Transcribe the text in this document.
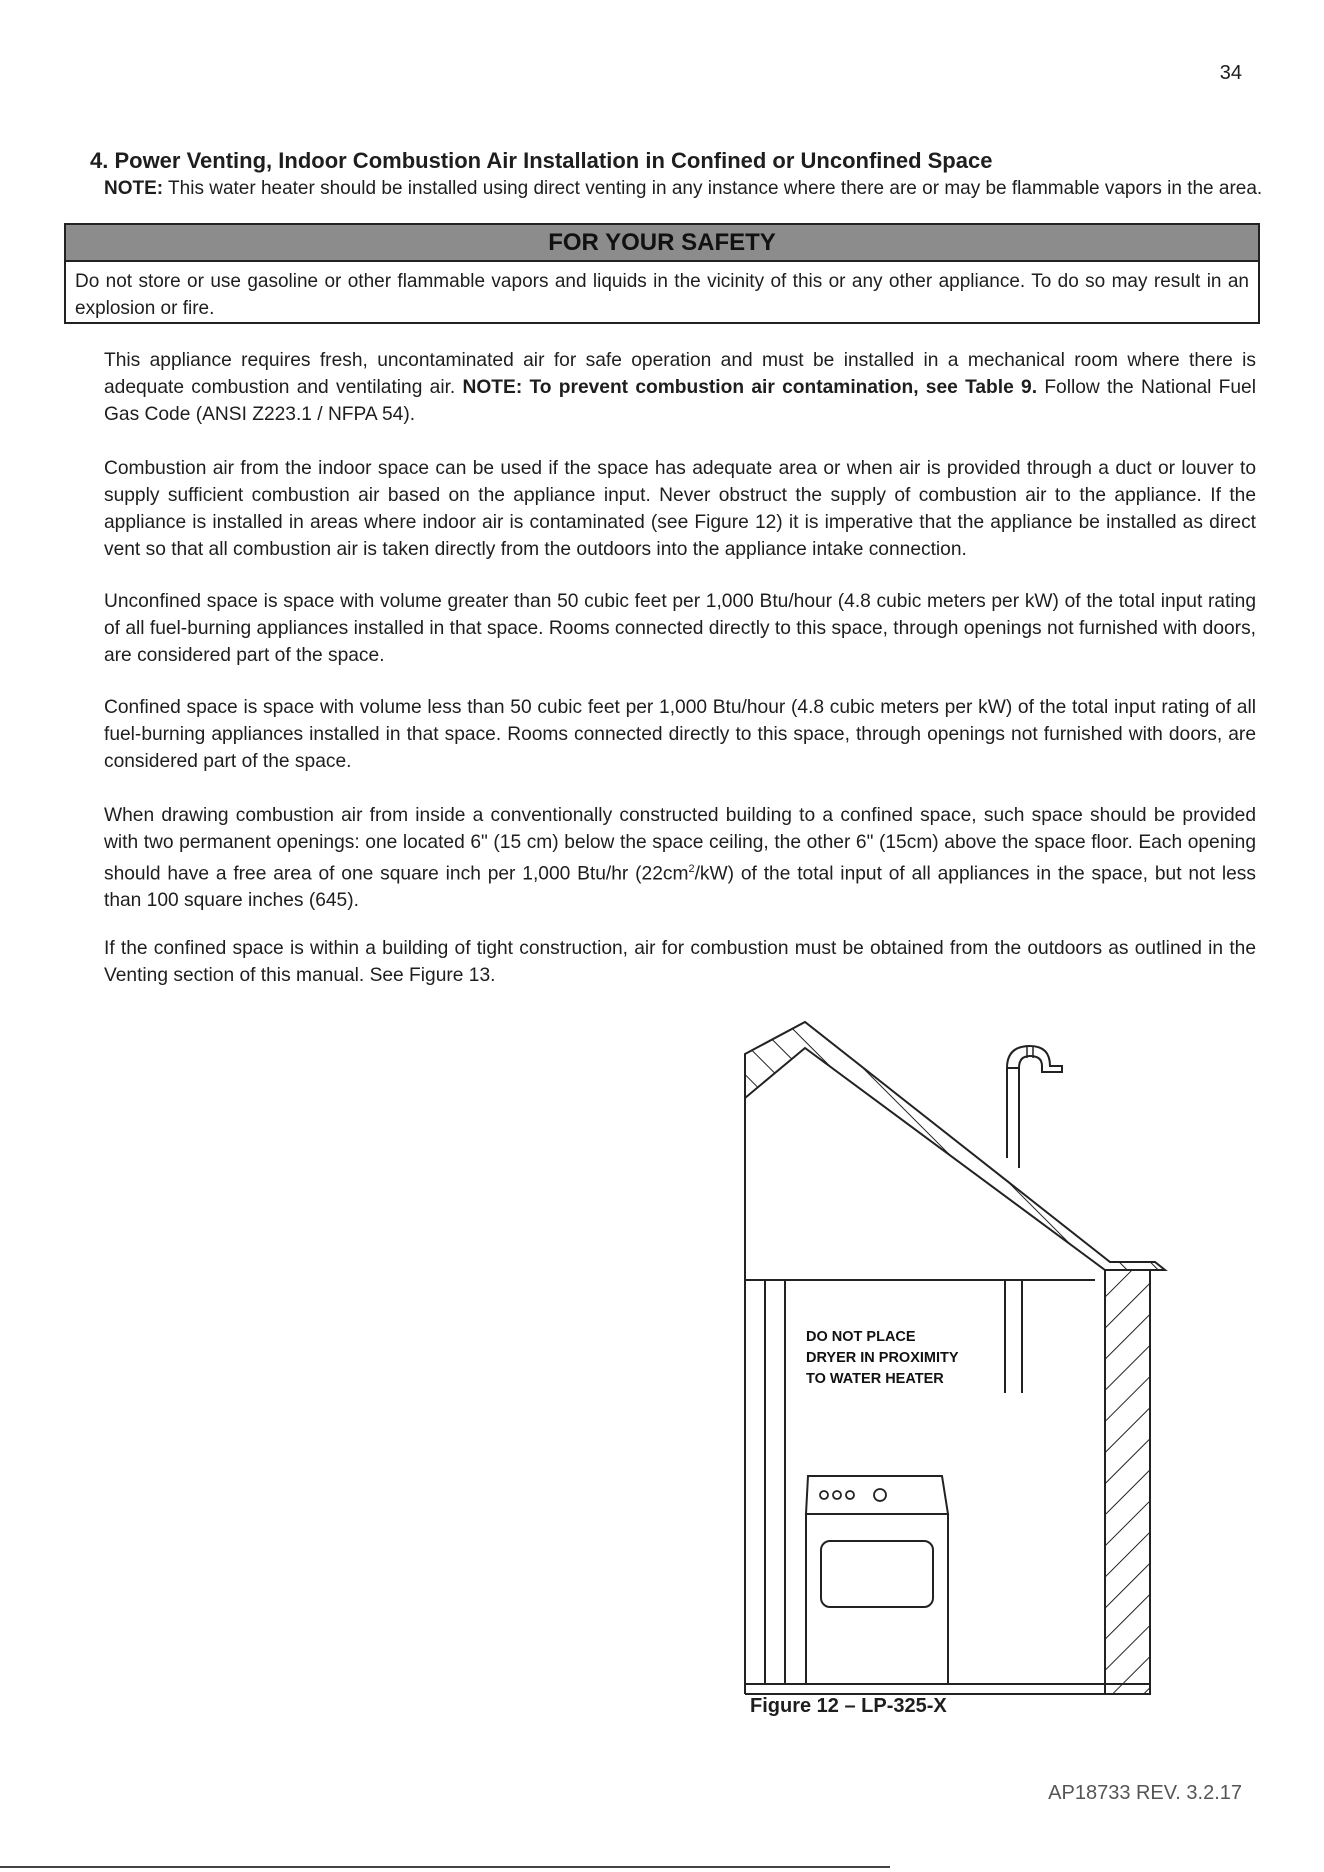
34
4. Power Venting, Indoor Combustion Air Installation in Confined or Unconfined Space
NOTE: This water heater should be installed using direct venting in any instance where there are or may be flammable vapors in the area.
FOR YOUR SAFETY
Do not store or use gasoline or other flammable vapors and liquids in the vicinity of this or any other appliance. To do so may result in an explosion or fire.
This appliance requires fresh, uncontaminated air for safe operation and must be installed in a mechanical room where there is adequate combustion and ventilating air. NOTE: To prevent combustion air contamination, see Table 9. Follow the National Fuel Gas Code (ANSI Z223.1 / NFPA 54).
Combustion air from the indoor space can be used if the space has adequate area or when air is provided through a duct or louver to supply sufficient combustion air based on the appliance input. Never obstruct the supply of combustion air to the appliance. If the appliance is installed in areas where indoor air is contaminated (see Figure 12) it is imperative that the appliance be installed as direct vent so that all combustion air is taken directly from the outdoors into the appliance intake connection.
Unconfined space is space with volume greater than 50 cubic feet per 1,000 Btu/hour (4.8 cubic meters per kW) of the total input rating of all fuel-burning appliances installed in that space. Rooms connected directly to this space, through openings not furnished with doors, are considered part of the space.
Confined space is space with volume less than 50 cubic feet per 1,000 Btu/hour (4.8 cubic meters per kW) of the total input rating of all fuel-burning appliances installed in that space. Rooms connected directly to this space, through openings not furnished with doors, are considered part of the space.
When drawing combustion air from inside a conventionally constructed building to a confined space, such space should be provided with two permanent openings: one located 6" (15 cm) below the space ceiling, the other 6" (15cm) above the space floor. Each opening should have a free area of one square inch per 1,000 Btu/hr $(22cm^2/kW)$ of the total input of all appliances in the space, but not less than 100 square inches (645).
If the confined space is within a building of tight construction, air for combustion must be obtained from the outdoors as outlined in the Venting section of this manual. See Figure 13.
DO NOT PLACE
DRYER IN PROXIMITY
TO WATER HEATER
Figure 12 – LP-325-X
AP18733 REV. 3.2.17
